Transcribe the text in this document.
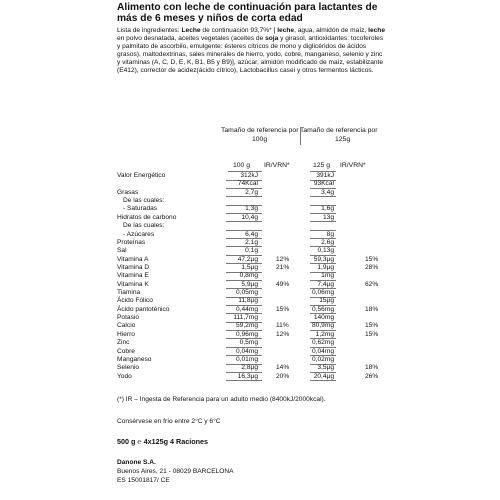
Alimento con leche de continuación para lactantes de más de 6 meses y niños de corta edad
Lista de ingredientes: Leche de continuación 93,7%* [ leche, agua, almidón de maíz, leche en polvo desnatada, aceites vegetales (aceites de soja y girasol, antioxidantes: tocoferoles y palmitato de ascorbilo, emulgente: ésteres cítricos de mono y diglicéridos de ácidos grasos), maltodextrinas, sales minerales de hierro, yodo, cobre, manganeso, selenio y zinc y vitaminas (A, C, D, E, K, B1, B5 y B9)], azúcar, almidón modificado de maíz, estabilizante (E412), corrector de acidez(ácido cítrico), Lactobacillus casei y otros fermentos lácticos.
Tamaño de referencia por
100g
Tamaño de referencia por
125g
100 g IR/VRN*	125 g IR/VRN*
Valor Energético	312kJ	391kJ
74Kcal	93Kcal
Grasas	2,7g	3,4g
De las cuales:
- Saturadas	1,3g	1,6g
Hidratos de carbono	10,4g	13g
De las cuales:
- Azúcares	6,4g	8g
Proteínas	2,1g	2,6g
Sal	0,1g	0,13g
Vitamina A	47,2µg	12%	59,3µg	15%
Vitamina D	1,5µg	21%	1,9µg	28%
Vitamina E	0,8mg	1mg
Vitamina K	5,9µg	49%	7,4µg	62%
Tiamina	0,05mg	0,06mg
Ácido Fólico	11,8µg	15µg
Ácido pantoténico	0,44mg	15%	0,56mg	18%
Potasio	111,7mg	140mg
Calcio	59,2mg	11%	80,9mg	15%
Hierro	0,96mg	12%	1,2mg	15%
Zinc	0,5mg	0,62mg
Cobre	0,04mg	0,04mg
Manganeso	0,01mg	0,02mg
Selenio	2,8µg	14%	3,5µg	18%
Yodo	16,3µg	20%	20,4µg	26%
(*) IR – Ingesta de Referencia para un adulto medio (8400kJ/2000kcal).
Consérvese en frío entre 2°C y 6°C
500 g ℮ 4x125g 4 Raciones
Danone S.A.
Buenos Aires, 21 - 08029 BARCELONA
ES 15001817/ CE
